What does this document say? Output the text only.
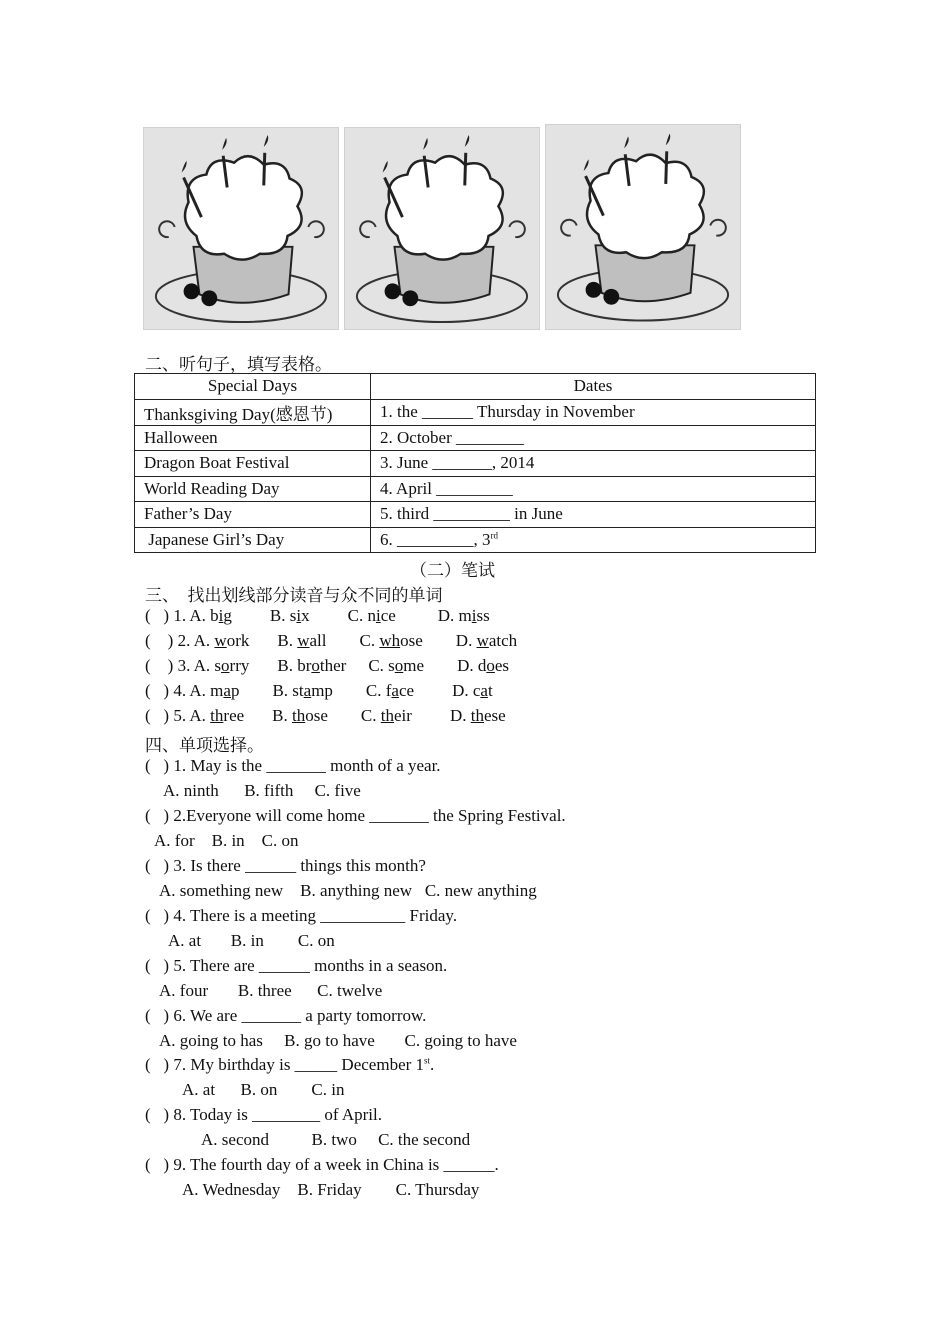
二、听句子，填写表格。
Special Days	Dates
Thanksgiving Day(感恩节)	1. the ______ Thursday in November
Halloween	2. October ________
Dragon Boat Festival	3. June _______, 2014
World Reading Day	4. April _________
Father’s Day	5. third _________ in June
Japanese Girl’s Day	6. _________, 3rd
（二）笔试
三、　找出划线部分读音与众不同的单词
(   ) 1. A. big B. six C. nice D. miss
(    ) 2. A. work B. wall C. whose D. watch
(    ) 3. A. sorry B. brother C. some D. does
(   ) 4. A. map B. stamp C. face D. cat
(   ) 5. A. three B. those C. their D. these
四、单项选择。
(   ) 1. May is the _______ month of a year.
A. ninth      B. fifth     C. five
(   ) 2.Everyone will come home _______ the Spring Festival.
A. for    B. in    C. on
(   ) 3. Is there ______ things this month?
A. something new    B. anything new   C. new anything
(   ) 4. There is a meeting __________ Friday.
A. at       B. in        C. on
(   ) 5. There are ______ months in a season.
A. four       B. three      C. twelve
(   ) 6. We are _______ a party tomorrow.
A. going to has     B. go to have       C. going to have
(   ) 7. My birthday is _____ December 1st.
A. at      B. on        C. in
(   ) 8. Today is ________ of April.
A. second          B. two     C. the second
(   ) 9. The fourth day of a week in China is ______.
A. Wednesday    B. Friday        C. Thursday
